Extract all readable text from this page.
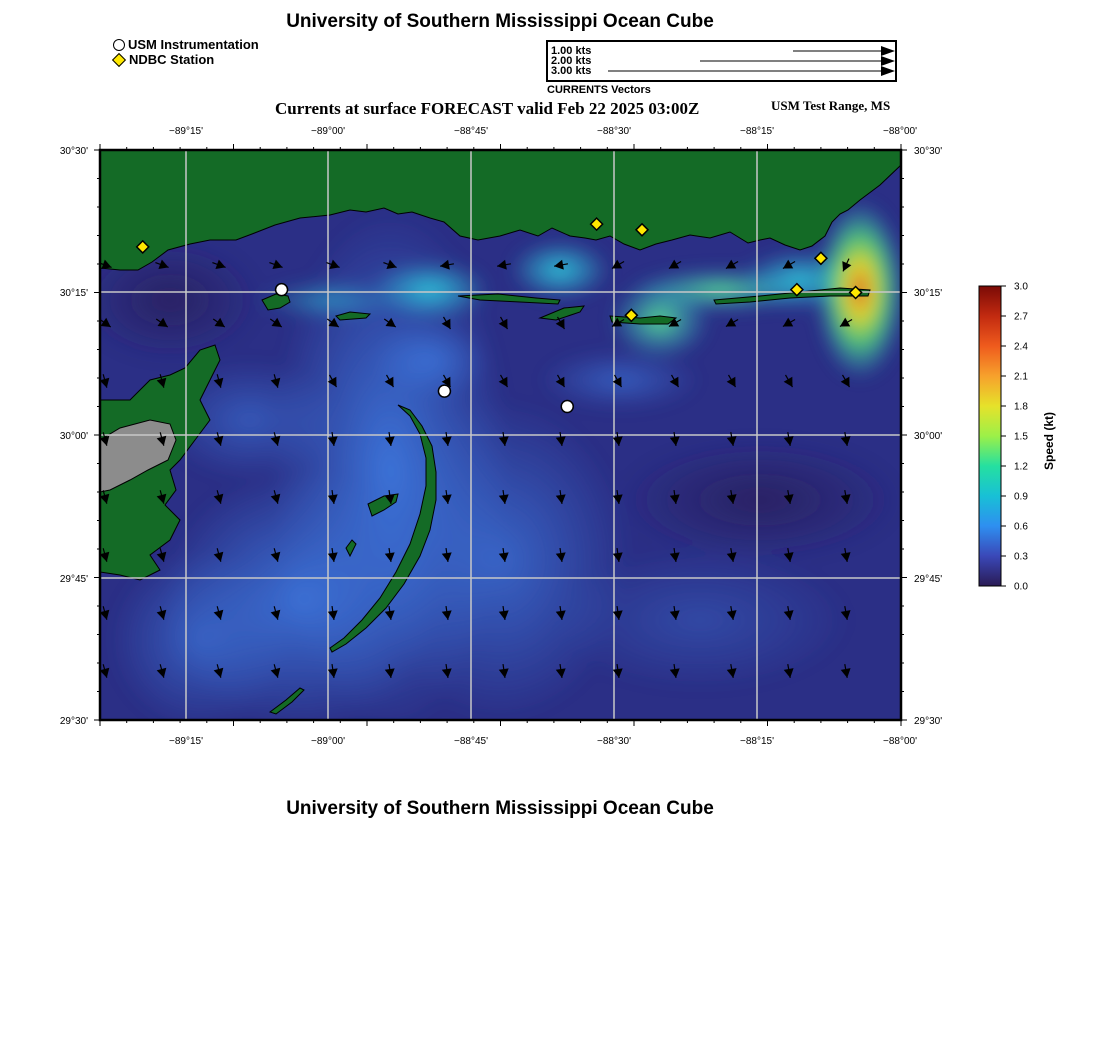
University of Southern Mississippi Ocean Cube
USM Instrumentation
NDBC Station
1.00 kts
2.00 kts
3.00 kts
CURRENTS Vectors
Currents at surface FORECAST valid Feb 22 2025 03:00Z	USM Test Range, MS
−89°15'	−89°00'	−88°45'	−88°30'	−88°15'	−88°00'
−89°15'	−89°00'	−88°45'	−88°30'	−88°15'	−88°00'
30°30'
30°15'
30°00'
29°45'
29°30'
30°30'
30°15'
30°00'
29°45'
29°30'
0.0
0.3
0.6
0.9
1.2
1.5
1.8
2.1
2.4
2.7
3.0
Speed (kt)
University of Southern Mississippi Ocean Cube
